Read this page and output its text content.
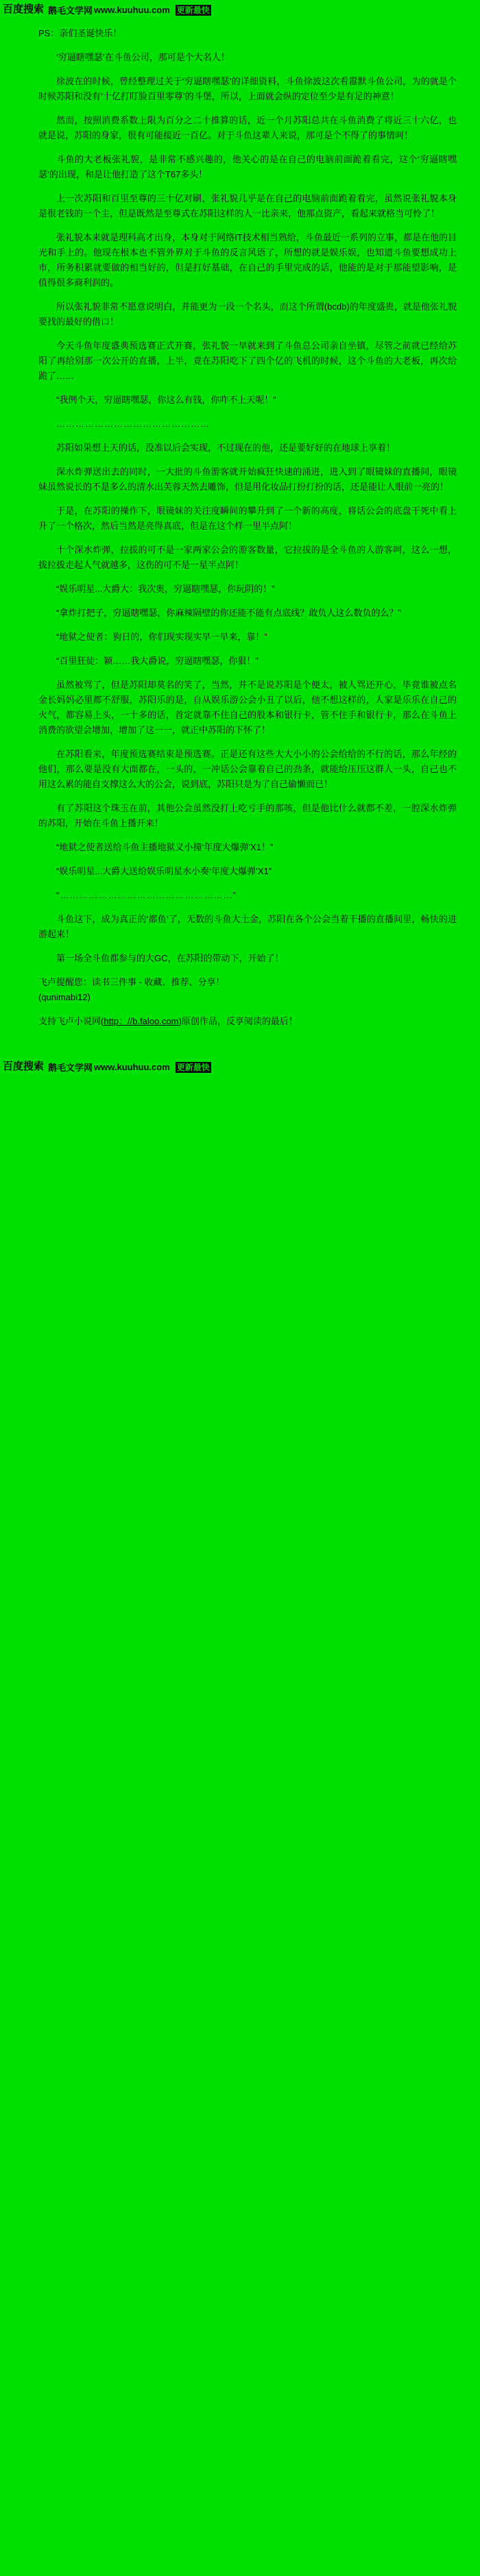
百度搜索 鹅毛文学网 www.kuuhuu.com 更新最快

PS：亲们圣诞快乐！

‘穷逼瞎嘿瑟’在斗鱼公司，那可是个大名人！

徐波在的时候，曾经整理过关于‘穷逼瞎嘿瑟’的详细资料，斗鱼徐波这次看嚣默斗鱼公司，为的就是个时候苏阳和没有‘十亿打盯脸百里零尊’的斗堡，所以，上面就会纵的定位至少是有足的神意！

然而，按照消费系数上限为百分之二十推算的话，近一个月苏阳总共在斗鱼消费了将近三十六亿，也就是说，苏阳的身家，很有可能接近一百亿。对于斗鱼这辈人来说，那可是个不得了的事情呵！

斗鱼的大老板张礼貌，是非常不感兴趣的，他关心的是在自己的电脑前面跪着看完，这个‘穷逼瞎嘿瑟’的出现，和是让他打造了这个T67多头！

上一次苏阳和百里至尊的三十亿对刷，张礼貌几乎是在自己的电脑前面跪着看完，虽然说张礼貌本身是很老钱的一个主，但是既然是至尊式在苏阳这样的人一比亲来，他那点资产，看起来就格当可怜了！

张礼貌本来就是理科高才出身，本身对于网络IT技术相当熟给，斗鱼最近一系列的立事，都是在他的目光和手上的。他现在根本也不管外界对于斗鱼的反言风语了，所想的就是娱乐娱，也知道斗鱼要想成功上市，所务积累就要做的相当好的，但是打好基础，在自己的手里完成的话，他能的是对于那能望影响，是值得很多商利润的。

所以张礼貌非常不愿意说明白，并能更为一段一个名头，而这个所谓(bcdb)的年度盛贵，就是他张礼貌要找的最好的借口！

今天斗鱼年度盛典预选赛正式开赛，张礼貌一早就来到了斗鱼总公司亲自坐镇，尽管之前就已经给苏阳了再给别那一次公开的直播，上半，竟在苏阳吃下了四个亿的飞机的时候，这个斗鱼的大老板，再次给跪了……

“我例个天，穷逼瞎嘿瑟，你这么有钱，你咋不上天呢！”

…………………………………………

苏阳如果想上天的话，没准以后会实现，不过现在的他，还是要好好的在地球上享着！

深水炸弹送出去的同时，一大批的斗鱼游客就开始疯狂快速的涌进，进入到了眼镜妹的直播间，眼镜妹虽然说长的不是多么的清水出芙蓉天然去雕饰，但是用化妆品打扮打扮的话，还是能让人眼前一亮的！

于是，在苏阳的操作下，眼镜妹的关注度瞬间的攀升到了一个新的高度，将话公会的底盘干死中看上升了一个格次，然后当然是亮得真底，但是在这个样一里半点阿！

十个深水炸弹，拉拔的可不是一家两家公会的游客数量，它拉拔的是全斗鱼的人游客呵，这么一想，拔拉拔走起人气就越多，这伤的可不是一星半点阿！

“娱乐明星...大爵大：我次奥，穷逼瞎嘿瑟，你玩阴的！”

“拿炸打把子，穷逼瞎嘿瑟，你麻辣隔壁的你还能不能有点底线？敢负人这么数负的么？”

“地狱之使者：狗日的，你们现实现实早一早来，靠！”

“百里狂徒：颖……我大爵说，穷逼瞎嘿瑟，你狠！”

虽然被骂了，但是苏阳却莫名的笑了，当然，并不是说苏阳是个便太，被人骂还开心，毕竟谁被点名金长妈妈必里都不舒服，苏阳乐的是，自从娱乐游公会小丑了以后，他不想这样的，人家是乐乐在自己的火气，都容易上头，一十多的话，首定就靠不住自己的股本和银行卡，管不住手和银行卡，那么在斗鱼上消费的欲望会增加，增加了这一一，就正中苏阳的下怀了！

在苏阳看来，年度预选赛结束是预选赛。正是还有这些大大小小的公会给给的不行的话，那么年经的他们，那么要是没有大面都在，一头的，一冲话公会靠着自己的劲条，就能给压压这群人一头，自己也不用这么累的能自支撑这么大的公会，说到底，苏阳只是为了自己偷懒而已！

有了苏阳这个珠玉在前，其他公会虽然没打上吃亏手的那咳，但是他比什么就都不差，一腔深水炸弹的苏阳，开始在斗鱼上播开来！

“地狱之使者送给斗鱼主播地狱义小撞‘年度大爆弹’X1！”

“娱乐明星...大爵大送给娱乐明星水小奏‘年度大爆弹’X1”

“………………………………………………”

斗鱼这下，成为真正的‘都鱼’了，无数的斗鱼大土金，苏阳在各个公会当着干播的直播间里，畅快的进游起来！

第一场全斗鱼都参与的大GC，在苏阳的带动下，开始了！

飞卢提醒您：读书三件事 - 收藏、推荐、分享！
(qunimabi12)

支持飞卢小说网(http：//b.faloo.com)原创作品，反享阅读的最后！

百度搜索 鹅毛文学网 www.kuuhuu.com 更新最快
